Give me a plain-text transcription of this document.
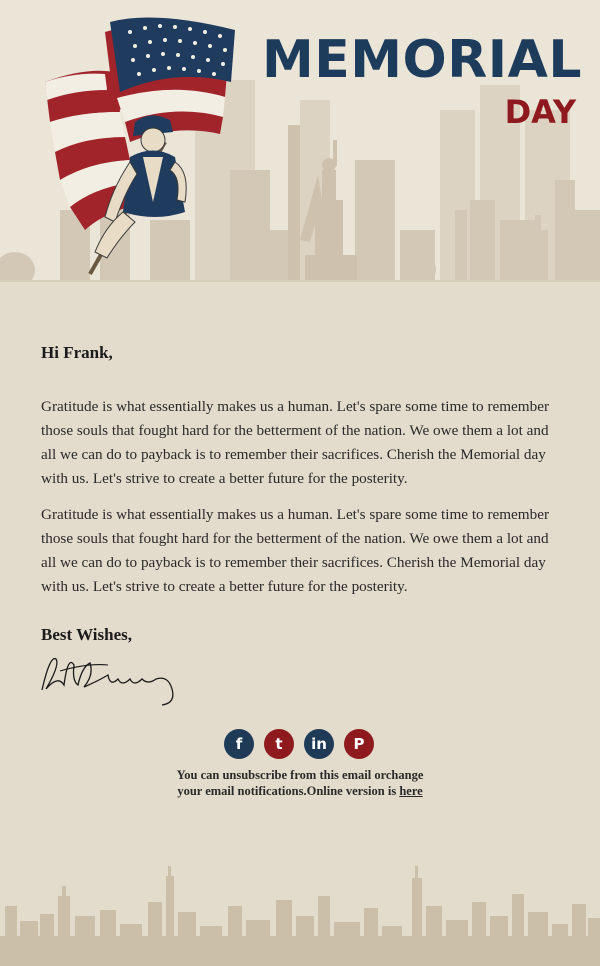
MEMORIAL
DAY
Hi Frank,
Gratitude is what essentially makes us a human. Let's spare some time to remember those souls that fought hard for the betterment of the nation. We owe them a lot and all we can do to payback is to remember their sacrifices. Cherish the Memorial day with us. Let's strive to create a better future for the posterity.
Gratitude is what essentially makes us a human. Let's spare some time to remember those souls that fought hard for the betterment of the nation. We owe them a lot and all we can do to payback is to remember their sacrifices. Cherish the Memorial day with us. Let's strive to create a better future for the posterity.
Best Wishes,
f	t	in	P
You can unsubscribe from this email orchange
your email notifications.Online version is here
